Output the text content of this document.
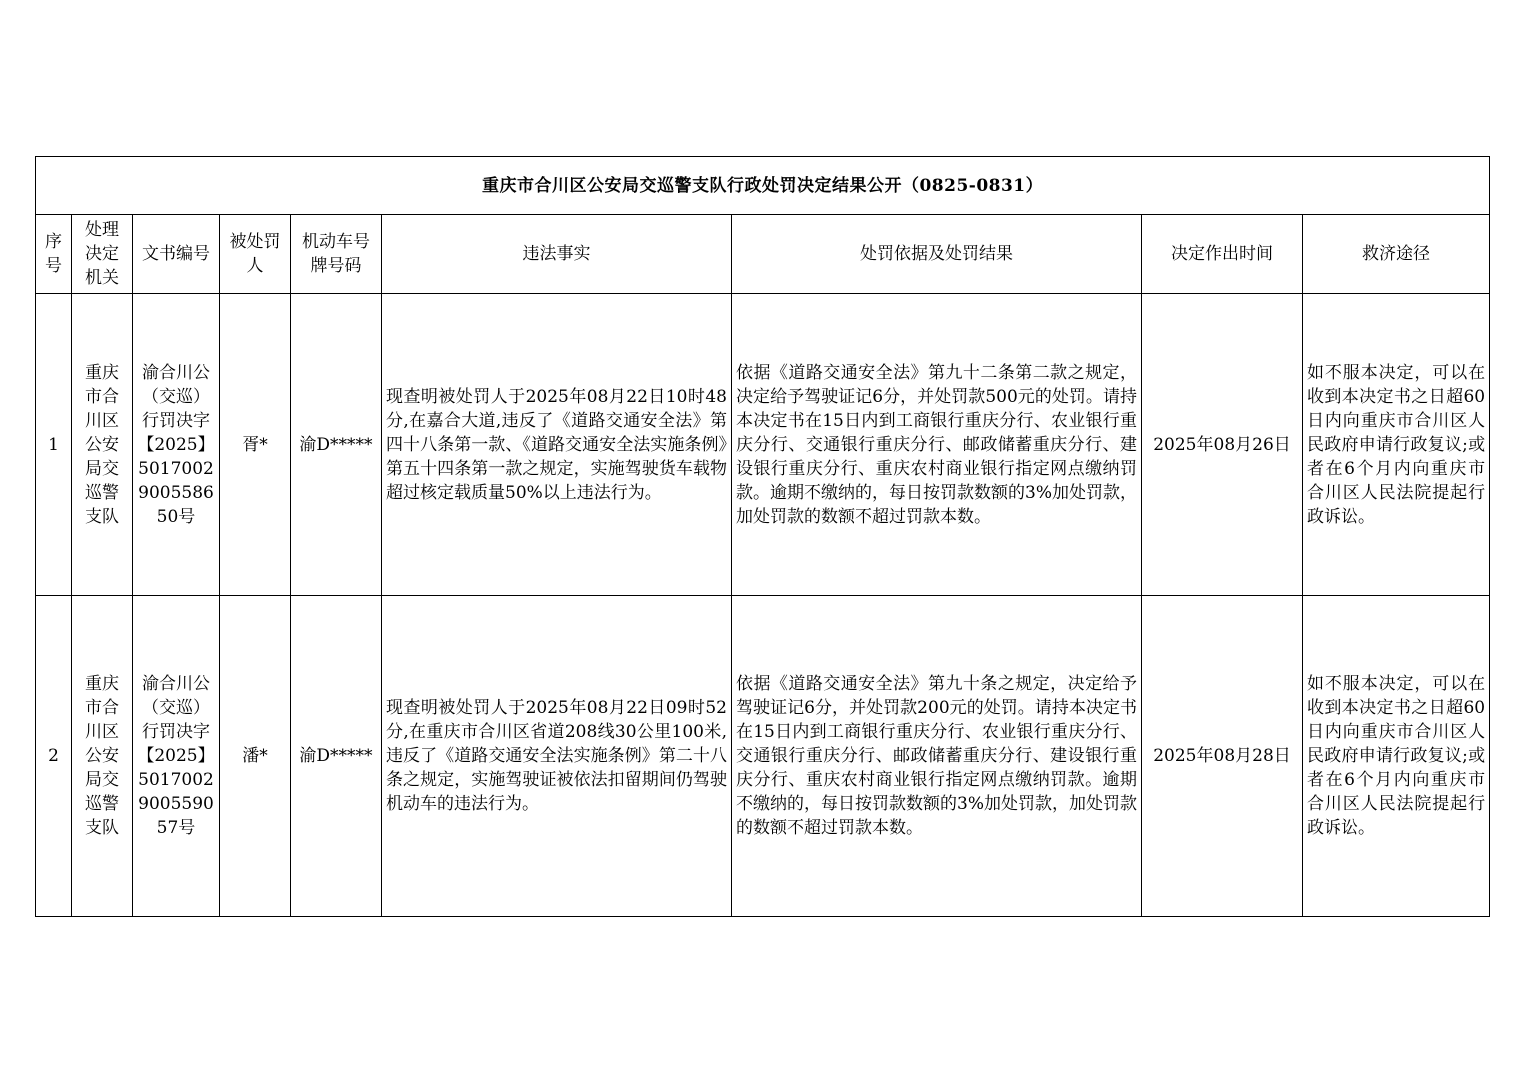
重庆市合川区公安局交巡警支队行政处罚决定结果公开（0825-0831）								

序号	处理决定机关	文书编号	被处罚人	机动车号牌号码	违法事实	处罚依据及处罚结果	决定作出时间	救济途径

1	重庆市合川区公安局交巡警支队	渝合川公（交巡）行罚决字【2025】5017002900558650号	胥*	渝D*****	现查明被处罚人于2025年08月22日10时48分,在嘉合大道,违反了《道路交通安全法》第四十八条第一款、《道路交通安全法实施条例》第五十四条第一款之规定，实施驾驶货车载物超过核定载质量50%以上违法行为。	依据《道路交通安全法》第九十二条第二款之规定，决定给予驾驶证记6分，并处罚款500元的处罚。请持本决定书在15日内到工商银行重庆分行、农业银行重庆分行、交通银行重庆分行、邮政储蓄重庆分行、建设银行重庆分行、重庆农村商业银行指定网点缴纳罚款。逾期不缴纳的，每日按罚款数额的3%加处罚款，加处罚款的数额不超过罚款本数。	2025年08月26日	如不服本决定，可以在收到本决定书之日超60日内向重庆市合川区人民政府申请行政复议;或者在6个月内向重庆市合川区人民法院提起行政诉讼。
2	重庆市合川区公安局交巡警支队	渝合川公（交巡）行罚决字【2025】5017002900559057号	潘*	渝D*****	现查明被处罚人于2025年08月22日09时52分,在重庆市合川区省道208线30公里100米,违反了《道路交通安全法实施条例》第二十八条之规定，实施驾驶证被依法扣留期间仍驾驶机动车的违法行为。	依据《道路交通安全法》第九十条之规定，决定给予驾驶证记6分，并处罚款200元的处罚。请持本决定书在15日内到工商银行重庆分行、农业银行重庆分行、交通银行重庆分行、邮政储蓄重庆分行、建设银行重庆分行、重庆农村商业银行指定网点缴纳罚款。逾期不缴纳的，每日按罚款数额的3%加处罚款，加处罚款的数额不超过罚款本数。	2025年08月28日	如不服本决定，可以在收到本决定书之日超60日内向重庆市合川区人民政府申请行政复议;或者在6个月内向重庆市合川区人民法院提起行政诉讼。
